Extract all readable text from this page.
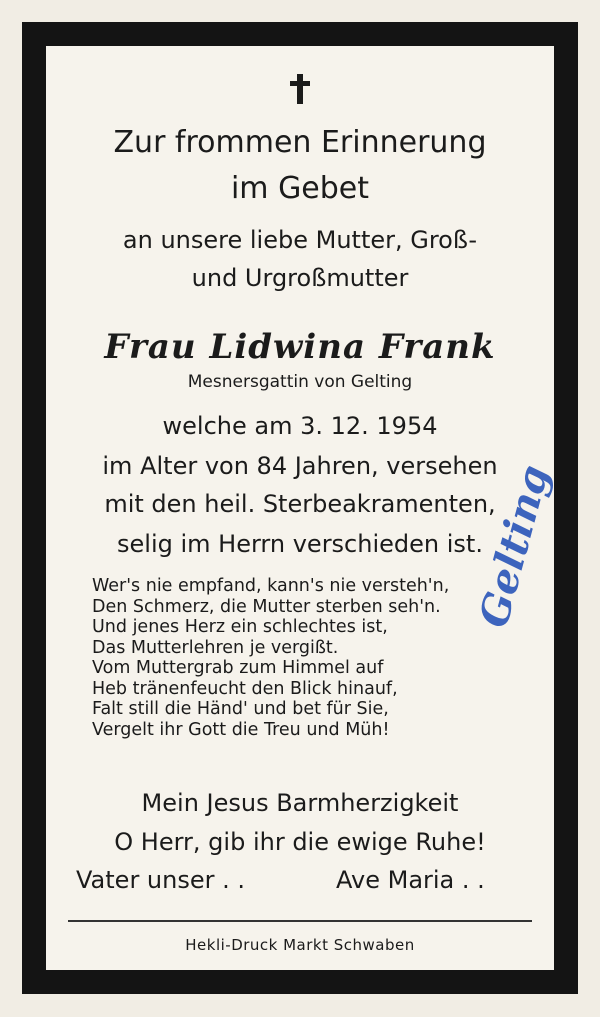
Zur frommen Erinnerung
im Gebet
an unsere liebe Mutter, Groß-
und Urgroßmutter
Frau Lidwina Frank
Mesnersgattin von Gelting
welche am 3. 12. 1954
im Alter von 84 Jahren, versehen
mit den heil. Sterbeakramenten,
selig im Herrn verschieden ist.
Wer's nie empfand, kann's nie versteh'n,
Den Schmerz, die Mutter sterben seh'n.
Und jenes Herz ein schlechtes ist,
Das Mutterlehren je vergißt.
Vom Muttergrab zum Himmel auf
Heb tränenfeucht den Blick hinauf,
Falt still die Händ' und bet für Sie,
Vergelt ihr Gott die Treu und Müh!
Mein Jesus Barmherzigkeit
O Herr, gib ihr die ewige Ruhe!
Vater unser . .	Ave Maria . .
Hekli-Druck Markt Schwaben
Gelting
